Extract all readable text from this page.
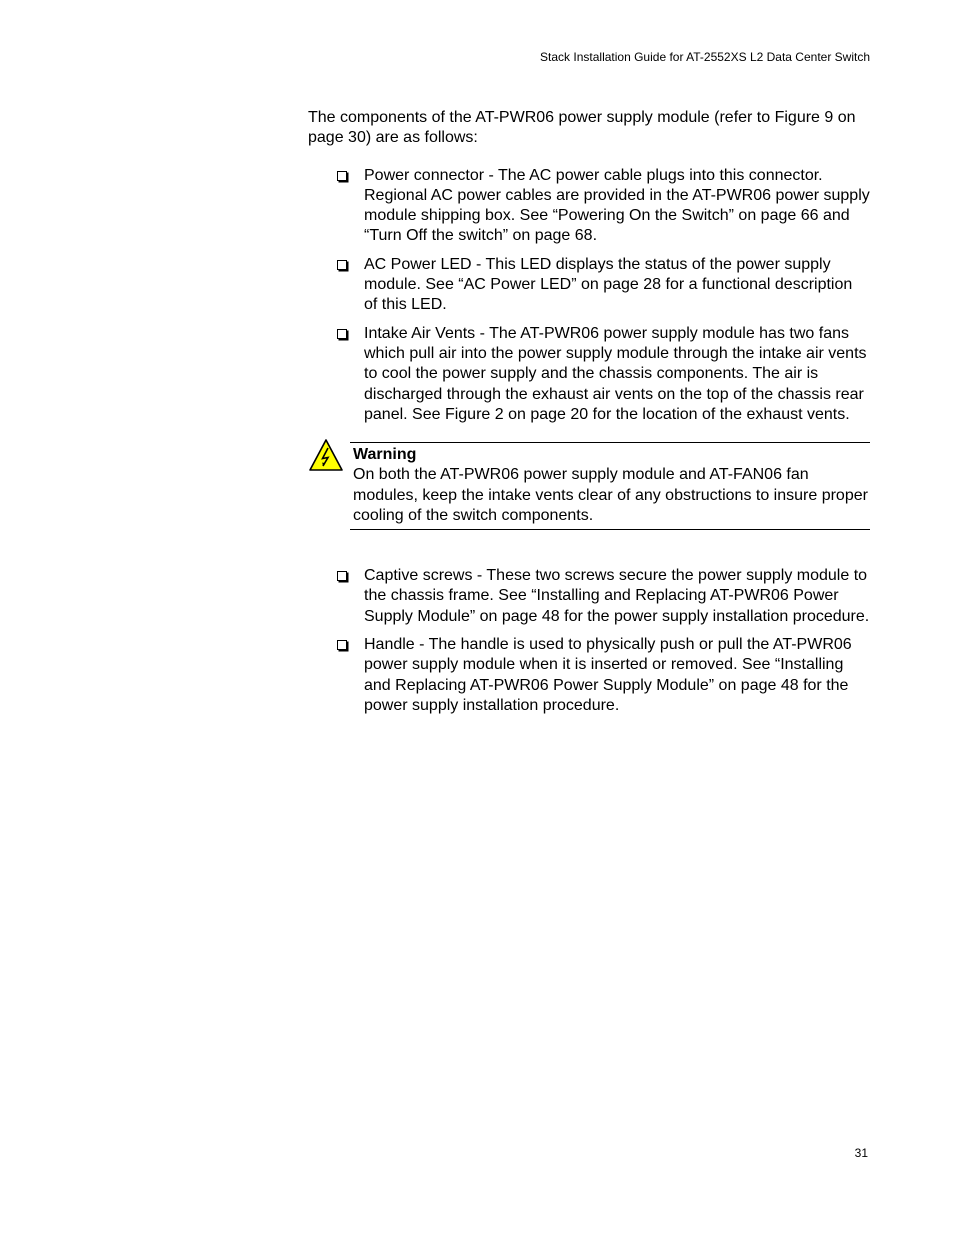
Stack Installation Guide for AT-2552XS L2 Data Center Switch

The components of the AT-PWR06 power supply module (refer to Figure 9 on page 30) are as follows:

Power connector - The AC power cable plugs into this connector. Regional AC power cables are provided in the AT-PWR06 power supply module shipping box. See “Powering On the Switch” on page 66 and “Turn Off the switch” on page 68.
AC Power LED - This LED displays the status of the power supply module. See “AC Power LED” on page 28 for a functional description of this LED.
Intake Air Vents - The AT-PWR06 power supply module has two fans which pull air into the power supply module through the intake air vents to cool the power supply and the chassis components. The air is discharged through the exhaust air vents on the top of the chassis rear panel. See Figure 2 on page 20 for the location of the exhaust vents.
Warning
On both the AT-PWR06 power supply module and AT-FAN06 fan modules, keep the intake vents clear of any obstructions to insure proper cooling of the switch components.
Captive screws - These two screws secure the power supply module to the chassis frame. See “Installing and Replacing AT-PWR06 Power Supply Module” on page 48 for the power supply installation procedure.
Handle - The handle is used to physically push or pull the AT-PWR06 power supply module when it is inserted or removed. See “Installing and Replacing AT-PWR06 Power Supply Module” on page 48 for the power supply installation procedure.
31
